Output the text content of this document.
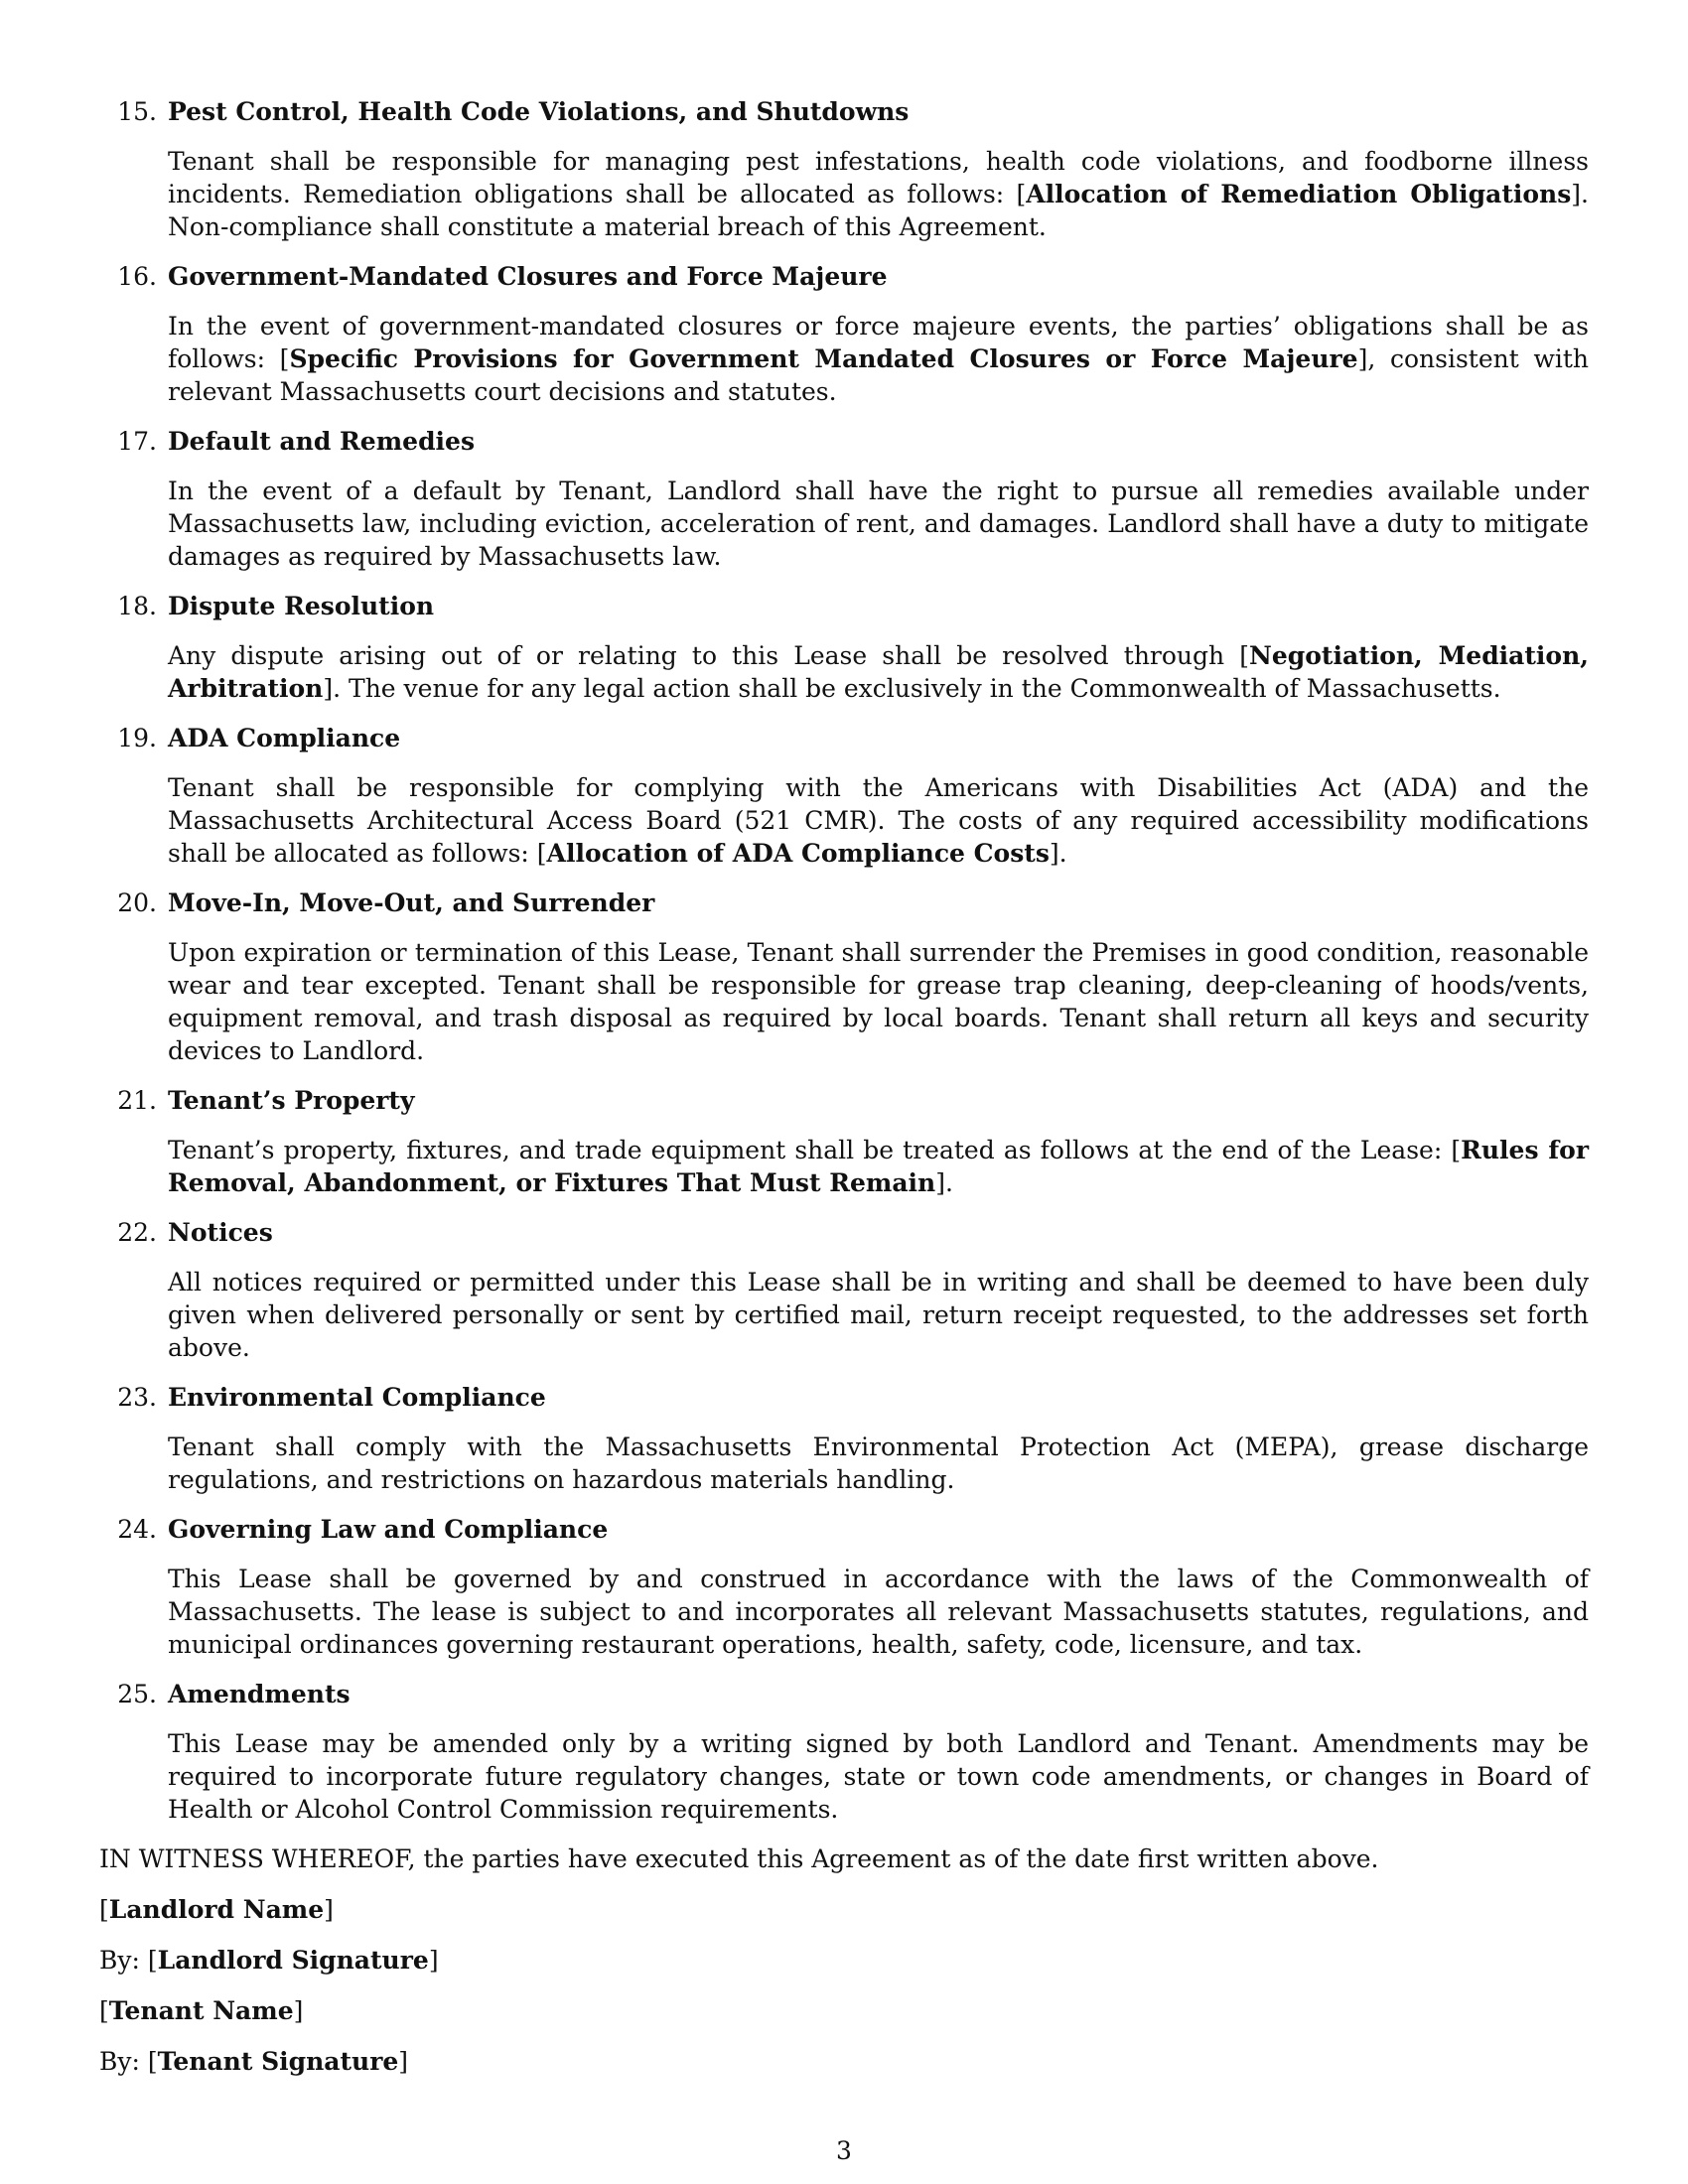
15. Pest Control, Health Code Violations, and Shutdowns

Tenant shall be responsible for managing pest infestations, health code violations, and foodborne illness incidents. Remediation obligations shall be allocated as follows: [Allocation of Remediation Obligations]. Non-compliance shall constitute a material breach of this Agreement.

16. Government-Mandated Closures and Force Majeure

In the event of government-mandated closures or force majeure events, the parties’ obligations shall be as follows: [Specific Provisions for Government Mandated Closures or Force Majeure], consistent with relevant Massachusetts court decisions and statutes.

17. Default and Remedies

In the event of a default by Tenant, Landlord shall have the right to pursue all remedies available under Massachusetts law, including eviction, acceleration of rent, and damages. Landlord shall have a duty to mitigate damages as required by Massachusetts law.

18. Dispute Resolution

Any dispute arising out of or relating to this Lease shall be resolved through [Negotiation, Mediation, Arbitration]. The venue for any legal action shall be exclusively in the Commonwealth of Massachusetts.

19. ADA Compliance

Tenant shall be responsible for complying with the Americans with Disabilities Act (ADA) and the Massachusetts Architectural Access Board (521 CMR). The costs of any required accessibility modifications shall be allocated as follows: [Allocation of ADA Compliance Costs].

20. Move-In, Move-Out, and Surrender

Upon expiration or termination of this Lease, Tenant shall surrender the Premises in good condition, reasonable wear and tear excepted. Tenant shall be responsible for grease trap cleaning, deep-cleaning of hoods/vents, equipment removal, and trash disposal as required by local boards. Tenant shall return all keys and security devices to Landlord.

21. Tenant’s Property

Tenant’s property, fixtures, and trade equipment shall be treated as follows at the end of the Lease: [Rules for Removal, Abandonment, or Fixtures That Must Remain].

22. Notices

All notices required or permitted under this Lease shall be in writing and shall be deemed to have been duly given when delivered personally or sent by certified mail, return receipt requested, to the addresses set forth above.

23. Environmental Compliance

Tenant shall comply with the Massachusetts Environmental Protection Act (MEPA), grease discharge regulations, and restrictions on hazardous materials handling.

24. Governing Law and Compliance

This Lease shall be governed by and construed in accordance with the laws of the Commonwealth of Massachusetts. The lease is subject to and incorporates all relevant Massachusetts statutes, regulations, and municipal ordinances governing restaurant operations, health, safety, code, licensure, and tax.

25. Amendments

This Lease may be amended only by a writing signed by both Landlord and Tenant. Amendments may be required to incorporate future regulatory changes, state or town code amendments, or changes in Board of Health or Alcohol Control Commission requirements.

IN WITNESS WHEREOF, the parties have executed this Agreement as of the date first written above.

[Landlord Name]

By: [Landlord Signature]

[Tenant Name]

By: [Tenant Signature]

3
